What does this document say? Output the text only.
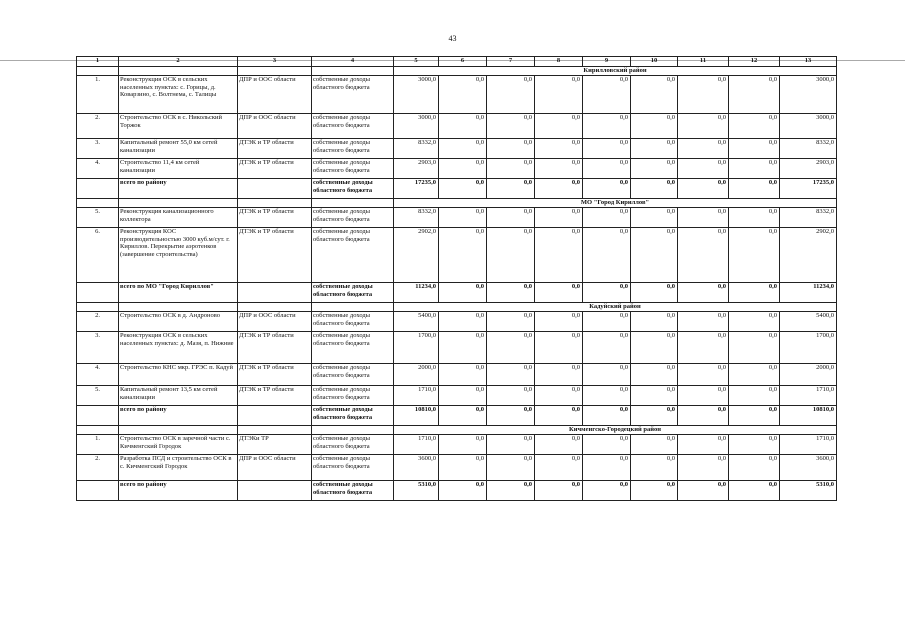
43
1	2	3	4	5	6	7	8	9	10	11	12	13
				Кирилловский район								
1.	Реконструкция ОСК в сельских населенных пунктах: с. Горицы, д. Коварзино, с. Волтнема, с. Талицы	ДПР и ООС области	собственные доходы областного бюджета	3000,0	0,0	0,0	0,0	0,0	0,0	0,0	0,0	3000,0
2.	Строительство ОСК в с. Никольский Торжок	ДПР и ООС области	собственные доходы областного бюджета	3000,0	0,0	0,0	0,0	0,0	0,0	0,0	0,0	3000,0
3.	Капитальный ремонт 55,0 км сетей канализации	ДТЭК и ТР области	собственные доходы областного бюджета	8332,0	0,0	0,0	0,0	0,0	0,0	0,0	0,0	8332,0
4.	Строительство 11,4 км сетей канализации	ДТЭК и ТР области	собственные доходы областного бюджета	2903,0	0,0	0,0	0,0	0,0	0,0	0,0	0,0	2903,0
	всего по району		собственные доходы областного бюджета	17235,0	0,0	0,0	0,0	0,0	0,0	0,0	0,0	17235,0
				МО "Город Кириллов"								
5.	Реконструкция канализационного коллектора	ДТЭК и ТР области	собственные доходы областного бюджета	8332,0	0,0	0,0	0,0	0,0	0,0	0,0	0,0	8332,0
6.	Реконструкция КОС производительностью 3000 куб.м/сут. г. Кириллов. Перекрытие аэротенков (завершение строительства)	ДТЭК и ТР области	собственные доходы областного бюджета	2902,0	0,0	0,0	0,0	0,0	0,0	0,0	0,0	2902,0
	всего по МО "Город Кириллов"		собственные доходы областного бюджета	11234,0	0,0	0,0	0,0	0,0	0,0	0,0	0,0	11234,0
				Кадуйский район								
2.	Строительство ОСК в д. Андроново	ДПР и ООС области	собственные доходы областного бюджета	5400,0	0,0	0,0	0,0	0,0	0,0	0,0	0,0	5400,0
3.	Реконструкция ОСК в сельских населенных пунктах: д. Мазя, п. Нижние	ДТЭК и ТР области	собственные доходы областного бюджета	1700,0	0,0	0,0	0,0	0,0	0,0	0,0	0,0	1700,0
4.	Строительство КНС мкр. ГРЭС п. Кадуй	ДТЭК и ТР области	собственные доходы областного бюджета	2000,0	0,0	0,0	0,0	0,0	0,0	0,0	0,0	2000,0
5.	Капитальный ремонт 13,5 км сетей канализации	ДТЭК и ТР области	собственные доходы областного бюджета	1710,0	0,0	0,0	0,0	0,0	0,0	0,0	0,0	1710,0
	всего по району		собственные доходы областного бюджета	10810,0	0,0	0,0	0,0	0,0	0,0	0,0	0,0	10810,0
				Кичменгско-Городецкий район								
1.	Строительство ОСК в заречной части с. Кичменгский Городок	ДТЭКи ТР	собственные доходы областного бюджета	1710,0	0,0	0,0	0,0	0,0	0,0	0,0	0,0	1710,0
2.	Разработка ПСД и строительство ОСК в с. Кичменгский Городок	ДПР и ООС области	собственные доходы областного бюджета	3600,0	0,0	0,0	0,0	0,0	0,0	0,0	0,0	3600,0
	всего по району		собственные доходы областного бюджета	5310,0	0,0	0,0	0,0	0,0	0,0	0,0	0,0	5310,0
